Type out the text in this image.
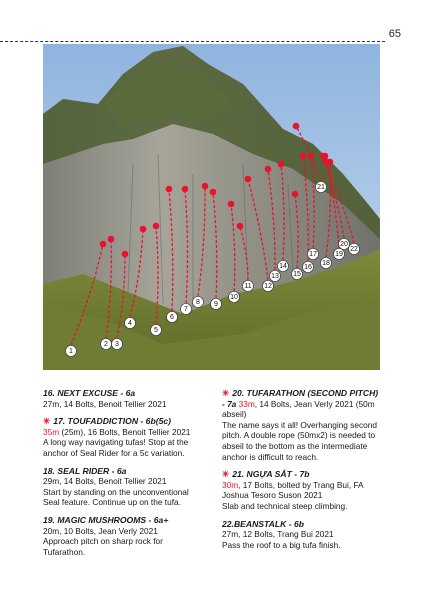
65
1
2 3
4
5
6
7
8 9
10
11 12
13
14
15
16
17
18
19
20
21
22
16. NEXT EXCUSE - 6a
27m, 14 Bolts, Benoit Tellier 2021
✳ 17. TOUFADDICTION - 6b(5c)
35m (25m), 16 Bolts, Benoit Tellier 2021
A long way navigating tufas! Stop at the anchor of Seal Rider for a 5c variation.
18. SEAL RIDER - 6a
29m, 14 Bolts, Benoit Tellier 2021
Start by standing on the unconventional Seal feature. Continue up on the tufa.
19. MAGIC MUSHROOMS - 6a+
20m, 10 Bolts, Jean Verly 2021
Approach pitch on sharp rock for Tufarathon.
✳ 20. TUFARATHON (SECOND PITCH)
- 7a 33m, 14 Bolts, Jean Verly 2021 (50m abseil)
The name says it all! Overhanging second pitch. A double rope (50mx2) is needed to abseil to the bottom as the intermediate anchor is difficult to reach.
✳ 21. NGỰA SẮT - 7b
30m, 17 Bolts, bolted by Trang Bui, FA Joshua Tesoro Suson 2021
Slab and technical steep climbing.
22.BEANSTALK - 6b
27m, 12 Bolts, Trang Bui 2021
Pass the roof to a big tufa finish.
